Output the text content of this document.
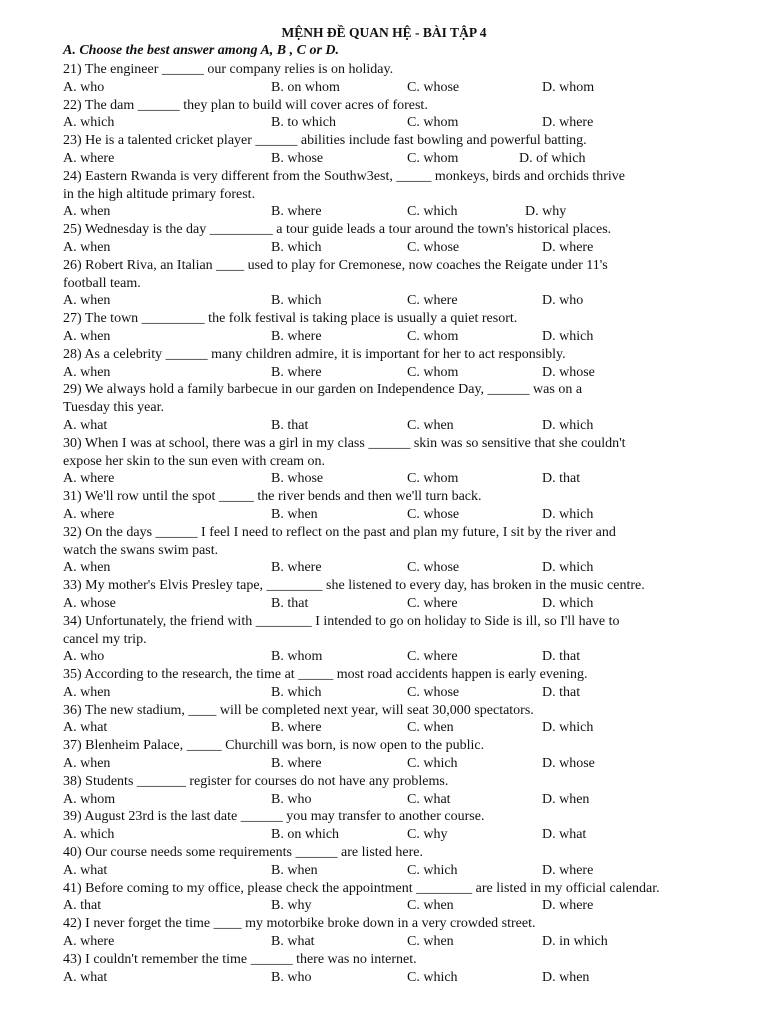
MỆNH ĐỀ QUAN HỆ - BÀI TẬP 4
A. Choose the best answer among A, B , C or D.
21) The engineer ______ our company relies is on holiday.
A. who	B. on whom	C. whose	D. whom
22) The dam ______ they plan to build will cover acres of forest.
A. which	B. to which	C. whom	D. where
23) He is a talented cricket player ______ abilities include fast bowling and powerful batting.
A. where	B. whose	C. whom	D. of which
24) Eastern Rwanda is very different from the Southw3est, _____ monkeys, birds and orchids thrive
in the high altitude primary forest.
A. when	B. where	C. which	D. why
25) Wednesday is the day _________ a tour guide leads a tour around the town's historical places.
A. when	B. which	C. whose	D. where
26) Robert Riva, an Italian ____ used to play for Cremonese, now coaches the Reigate under 11's
football team.
A. when	B. which	C. where	D. who
27) The town _________ the folk festival is taking place is usually a quiet resort.
A. when	B. where	C. whom	D. which
28) As a celebrity ______ many children admire, it is important for her to act responsibly.
A. when	B. where	C. whom	D. whose
29) We always hold a family barbecue in our garden on Independence Day, ______ was on a
Tuesday this year.
A. what	B. that	C. when	D. which
30) When I was at school, there was a girl in my class ______ skin was so sensitive that she couldn't
expose her skin to the sun even with cream on.
A. where	B. whose	C. whom	D. that
31) We'll row until the spot _____ the river bends and then we'll turn back.
A. where	B. when	C. whose	D. which
32) On the days ______ I feel I need to reflect on the past and plan my future, I sit by the river and
watch the swans swim past.
A. when	B. where	C. whose	D. which
33) My mother's Elvis Presley tape, ________ she listened to every day, has broken in the music centre.
A. whose	B. that	C. where	D. which
34) Unfortunately, the friend with ________ I intended to go on holiday to Side is ill, so I'll have to
cancel my trip.
A. who	B. whom	C. where	D. that
35) According to the research, the time at _____ most road accidents happen is early evening.
A. when	B. which	C. whose	D. that
36) The new stadium, ____ will be completed next year, will seat 30,000 spectators.
A. what	B. where	C. when	D. which
37) Blenheim Palace, _____ Churchill was born, is now open to the public.
A. when	B. where	C. which	D. whose
38) Students _______ register for courses do not have any problems.
A. whom	B. who	C. what	D. when
39) August 23rd is the last date ______ you may transfer to another course.
A. which	B. on which	C. why	D. what
40) Our course needs some requirements ______ are listed here.
A. what	B. when	C. which	D. where
41) Before coming to my office, please check the appointment ________ are listed in my official calendar.
A. that	B. why	C. when	D. where
42) I never forget the time ____ my motorbike broke down in a very crowded street.
A. where	B. what	C. when	D. in which
43) I couldn't remember the time ______ there was no internet.
A. what	B. who	C. which	D. when
